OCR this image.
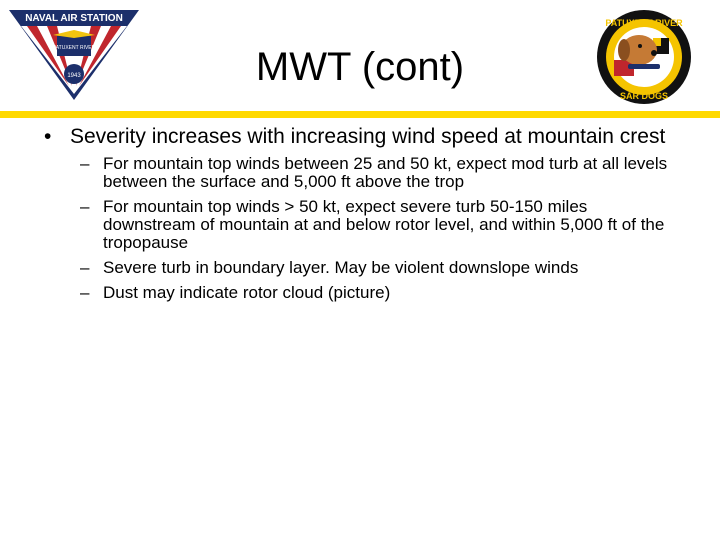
NAVAL AIR STATION
PATUXENT RIVER
1943	MWT (cont)
PATUXENT RIVER
SAR DOGS
• Severity increases with increasing wind speed at mountain crest
– For mountain top winds between 25 and 50 kt, expect mod turb at all levels between the surface and 5,000 ft above the trop
– For mountain top winds > 50 kt, expect severe turb 50-150 miles downstream of mountain at and below rotor level, and within 5,000 ft of the tropopause
– Severe turb in boundary layer. May be violent downslope winds
– Dust may indicate rotor cloud (picture)
